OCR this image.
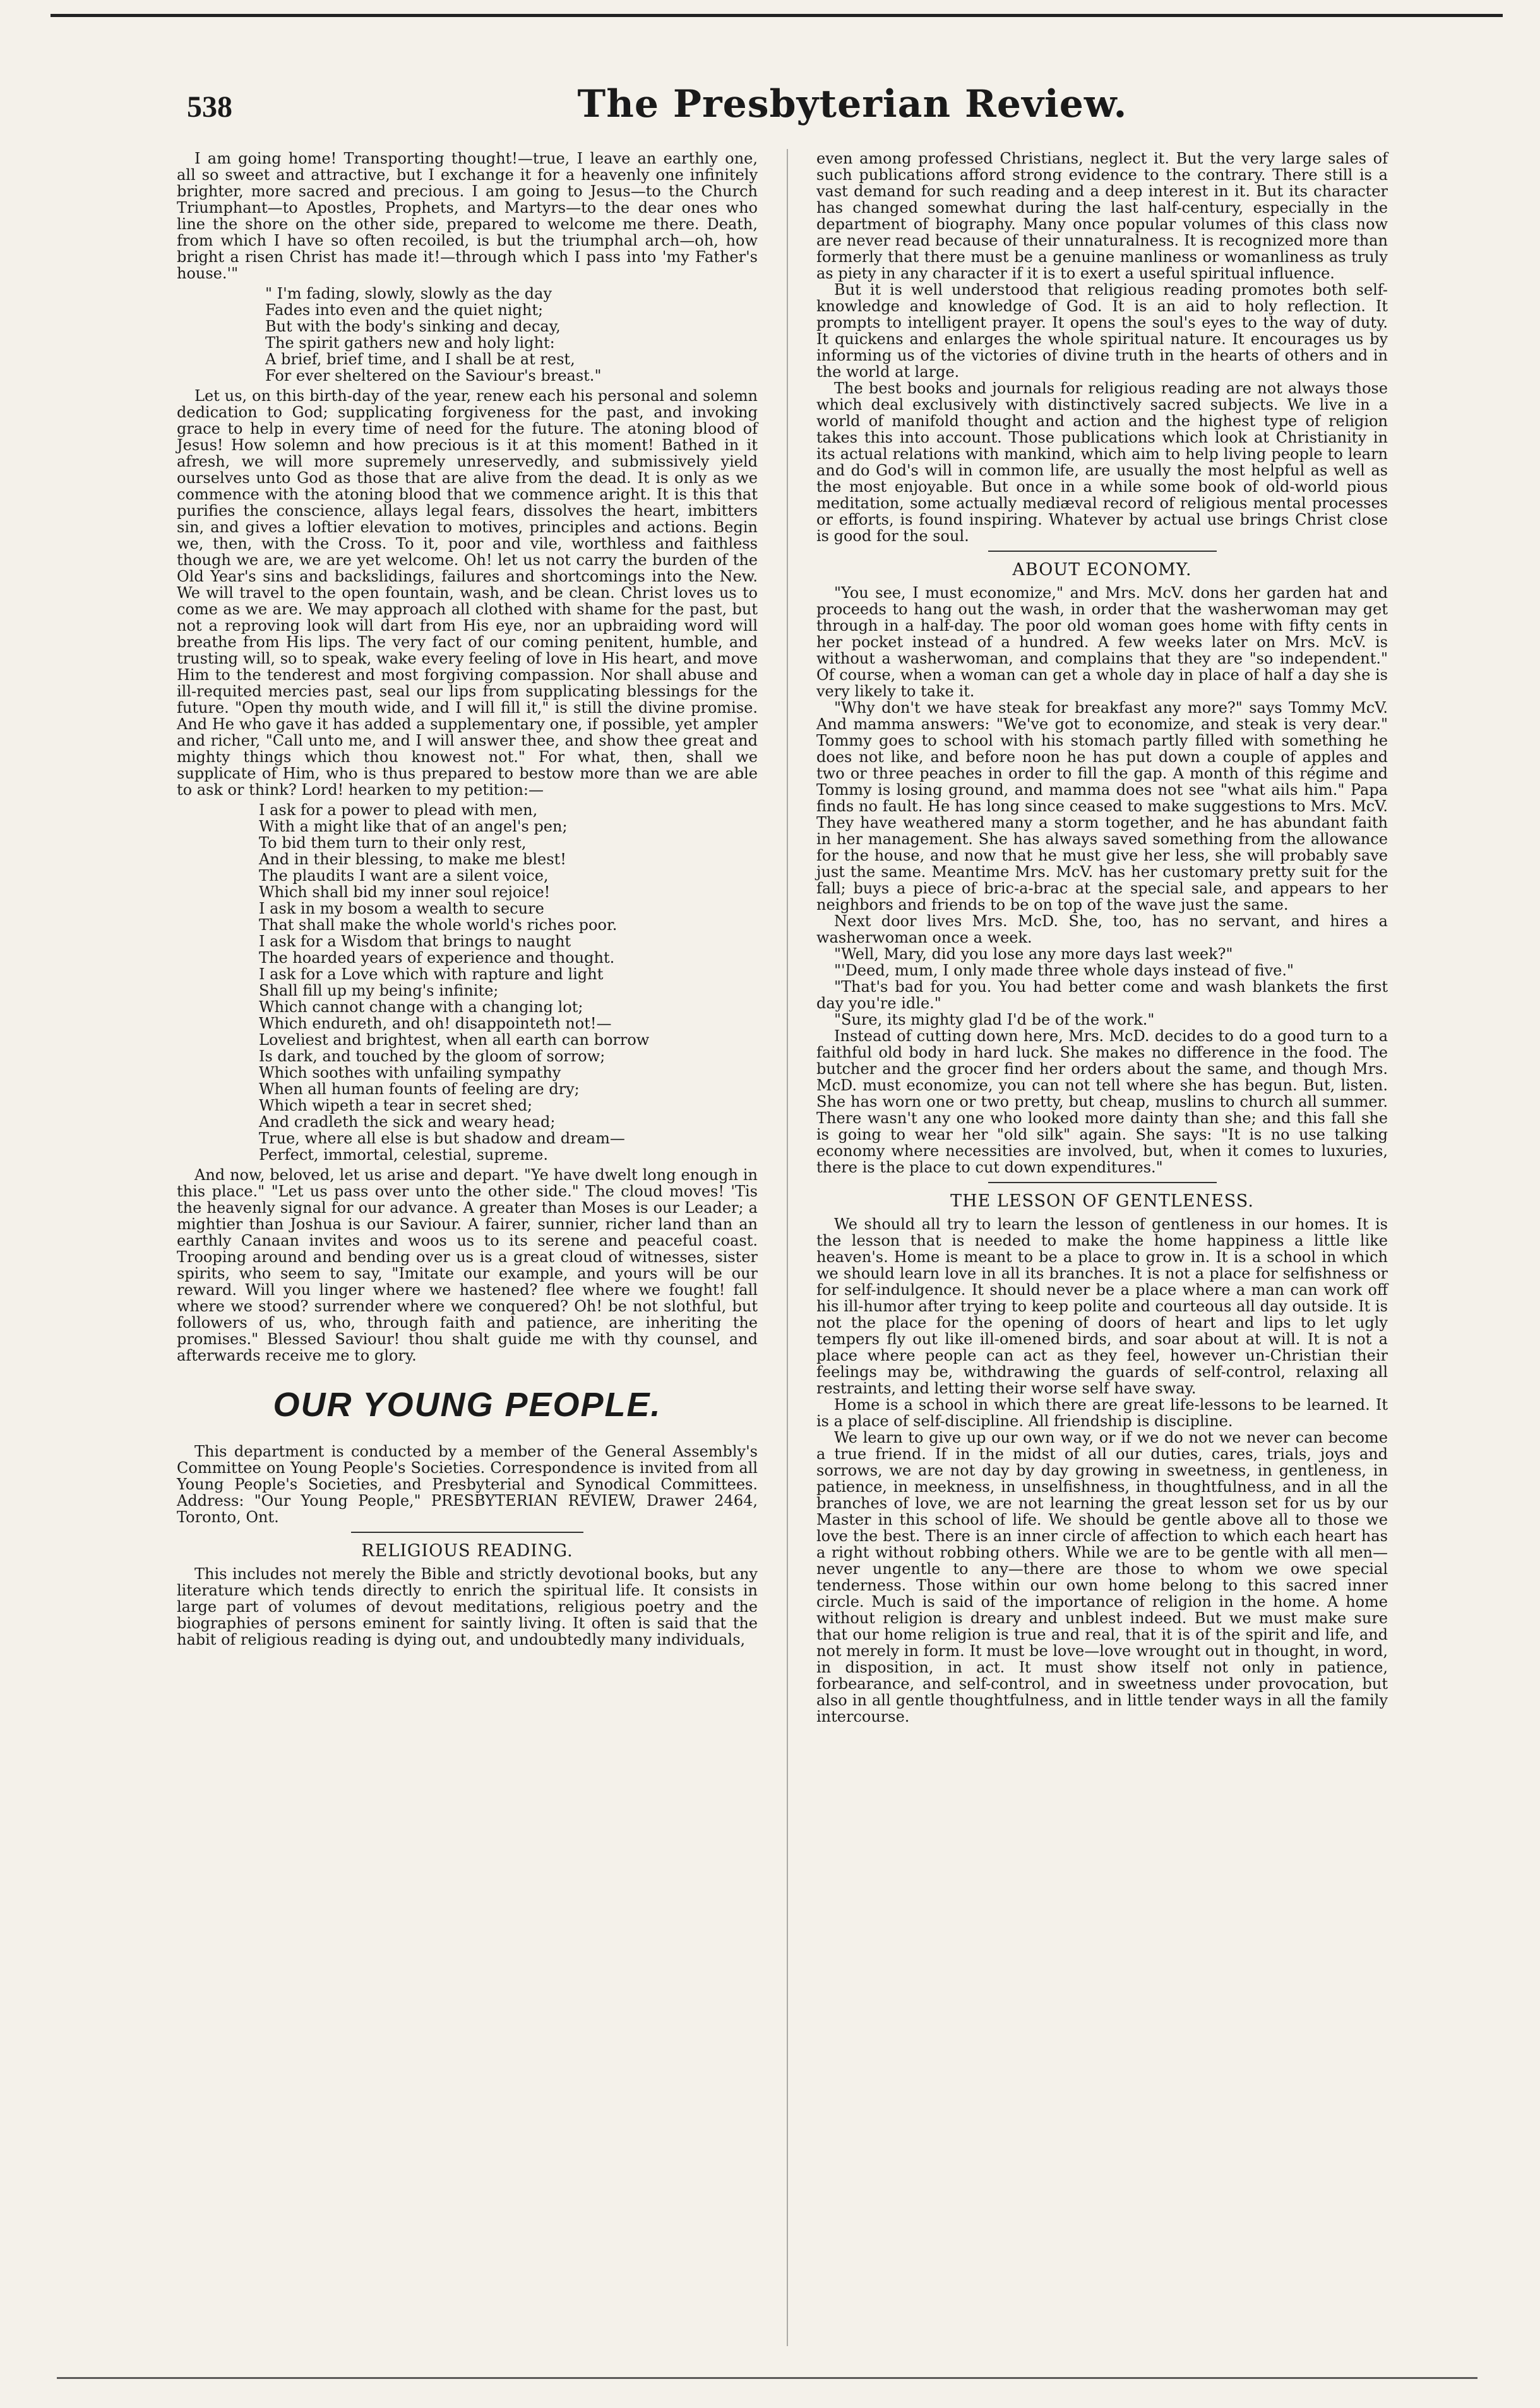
538	The Presbyterian Review.

I am going home! Transporting thought!—true, I leave an earthly one, all so sweet and attractive, but I exchange it for a heavenly one infinitely brighter, more sacred and precious. I am going to Jesus—to the Church Triumphant—to Apostles, Prophets, and Martyrs—to the dear ones who line the shore on the other side, prepared to welcome me there. Death, from which I have so often recoiled, is but the triumphal arch—oh, how bright a risen Christ has made it!—through which I pass into 'my Father's house.'"

" I'm fading, slowly, slowly as the day
Fades into even and the quiet night;
But with the body's sinking and decay,
The spirit gathers new and holy light:
A brief, brief time, and I shall be at rest,
For ever sheltered on the Saviour's breast."

Let us, on this birth-day of the year, renew each his personal and solemn dedication to God; supplicating forgiveness for the past, and invoking grace to help in every time of need for the future. The atoning blood of Jesus! How solemn and how precious is it at this moment! Bathed in it afresh, we will more supremely unreservedly, and submissively yield ourselves unto God as those that are alive from the dead. It is only as we commence with the atoning blood that we commence aright. It is this that purifies the conscience, allays legal fears, dissolves the heart, imbitters sin, and gives a loftier elevation to motives, principles and actions. Begin we, then, with the Cross. To it, poor and vile, worthless and faithless though we are, we are yet welcome. Oh! let us not carry the burden of the Old Year's sins and backslidings, failures and shortcomings into the New. We will travel to the open fountain, wash, and be clean. Christ loves us to come as we are. We may approach all clothed with shame for the past, but not a reproving look will dart from His eye, nor an upbraiding word will breathe from His lips. The very fact of our coming penitent, humble, and trusting will, so to speak, wake every feeling of love in His heart, and move Him to the tenderest and most forgiving compassion. Nor shall abuse and ill-requited mercies past, seal our lips from supplicating blessings for the future. "Open thy mouth wide, and I will fill it," is still the divine promise. And He who gave it has added a supplementary one, if possible, yet ampler and richer, "Call unto me, and I will answer thee, and show thee great and mighty things which thou knowest not." For what, then, shall we supplicate of Him, who is thus prepared to bestow more than we are able to ask or think? Lord! hearken to my petition:—

I ask for a power to plead with men,
With a might like that of an angel's pen;
To bid them turn to their only rest,
And in their blessing, to make me blest!
The plaudits I want are a silent voice,
Which shall bid my inner soul rejoice!
I ask in my bosom a wealth to secure
That shall make the whole world's riches poor.
I ask for a Wisdom that brings to naught
The hoarded years of experience and thought.
I ask for a Love which with rapture and light
Shall fill up my being's infinite;
Which cannot change with a changing lot;
Which endureth, and oh! disappointeth not!—
Loveliest and brightest, when all earth can borrow
Is dark, and touched by the gloom of sorrow;
Which soothes with unfailing sympathy
When all human founts of feeling are dry;
Which wipeth a tear in secret shed;
And cradleth the sick and weary head;
True, where all else is but shadow and dream—
Perfect, immortal, celestial, supreme.

And now, beloved, let us arise and depart. "Ye have dwelt long enough in this place." "Let us pass over unto the other side." The cloud moves! 'Tis the heavenly signal for our advance. A greater than Moses is our Leader; a mightier than Joshua is our Saviour. A fairer, sunnier, richer land than an earthly Canaan invites and woos us to its serene and peaceful coast. Trooping around and bending over us is a great cloud of witnesses, sister spirits, who seem to say, "Imitate our example, and yours will be our reward. Will you linger where we hastened? flee where we fought! fall where we stood? surrender where we conquered? Oh! be not slothful, but followers of us, who, through faith and patience, are inheriting the promises." Blessed Saviour! thou shalt guide me with thy counsel, and afterwards receive me to glory.

OUR YOUNG PEOPLE.

This department is conducted by a member of the General Assembly's Committee on Young People's Societies. Correspondence is invited from all Young People's Societies, and Presbyterial and Synodical Committees. Address: "Our Young People," PRESBYTERIAN REVIEW, Drawer 2464, Toronto, Ont.

RELIGIOUS READING.

This includes not merely the Bible and strictly devotional books, but any literature which tends directly to enrich the spiritual life. It consists in large part of volumes of devout meditations, religious poetry and the biographies of persons eminent for saintly living. It often is said that the habit of religious reading is dying out, and undoubtedly many individuals,

even among professed Christians, neglect it. But the very large sales of such publications afford strong evidence to the contrary. There still is a vast demand for such reading and a deep interest in it. But its character has changed somewhat during the last half-century, especially in the department of biography. Many once popular volumes of this class now are never read because of their unnaturalness. It is recognized more than formerly that there must be a genuine manliness or womanliness as truly as piety in any character if it is to exert a useful spiritual influence.

But it is well understood that religious reading promotes both self-knowledge and knowledge of God. It is an aid to holy reflection. It prompts to intelligent prayer. It opens the soul's eyes to the way of duty. It quickens and enlarges the whole spiritual nature. It encourages us by informing us of the victories of divine truth in the hearts of others and in the world at large.

The best books and journals for religious reading are not always those which deal exclusively with distinctively sacred subjects. We live in a world of manifold thought and action and the highest type of religion takes this into account. Those publications which look at Christianity in its actual relations with mankind, which aim to help living people to learn and do God's will in common life, are usually the most helpful as well as the most enjoyable. But once in a while some book of old-world pious meditation, some actually mediæval record of religious mental processes or efforts, is found inspiring. Whatever by actual use brings Christ close is good for the soul.

ABOUT ECONOMY.

"You see, I must economize," and Mrs. McV. dons her garden hat and proceeds to hang out the wash, in order that the washerwoman may get through in a half-day. The poor old woman goes home with fifty cents in her pocket instead of a hundred. A few weeks later on Mrs. McV. is without a washerwoman, and complains that they are "so independent." Of course, when a woman can get a whole day in place of half a day she is very likely to take it.

"Why don't we have steak for breakfast any more?" says Tommy McV. And mamma answers: "We've got to economize, and steak is very dear." Tommy goes to school with his stomach partly filled with something he does not like, and before noon he has put down a couple of apples and two or three peaches in order to fill the gap. A month of this régime and Tommy is losing ground, and mamma does not see "what ails him." Papa finds no fault. He has long since ceased to make suggestions to Mrs. McV. They have weathered many a storm together, and he has abundant faith in her management. She has always saved something from the allowance for the house, and now that he must give her less, she will probably save just the same. Meantime Mrs. McV. has her customary pretty suit for the fall; buys a piece of bric-a-brac at the special sale, and appears to her neighbors and friends to be on top of the wave just the same.

Next door lives Mrs. McD. She, too, has no servant, and hires a washerwoman once a week.

"Well, Mary, did you lose any more days last week?"

"'Deed, mum, I only made three whole days instead of five."

"That's bad for you. You had better come and wash blankets the first day you're idle."

"Sure, its mighty glad I'd be of the work."

Instead of cutting down here, Mrs. McD. decides to do a good turn to a faithful old body in hard luck. She makes no difference in the food. The butcher and the grocer find her orders about the same, and though Mrs. McD. must economize, you can not tell where she has begun. But, listen. She has worn one or two pretty, but cheap, muslins to church all summer. There wasn't any one who looked more dainty than she; and this fall she is going to wear her "old silk" again. She says: "It is no use talking economy where necessities are involved, but, when it comes to luxuries, there is the place to cut down expenditures."

THE LESSON OF GENTLENESS.

We should all try to learn the lesson of gentleness in our homes. It is the lesson that is needed to make the home happiness a little like heaven's. Home is meant to be a place to grow in. It is a school in which we should learn love in all its branches. It is not a place for selfishness or for self-indulgence. It should never be a place where a man can work off his ill-humor after trying to keep polite and courteous all day outside. It is not the place for the opening of doors of heart and lips to let ugly tempers fly out like ill-omened birds, and soar about at will. It is not a place where people can act as they feel, however un-Christian their feelings may be, withdrawing the guards of self-control, relaxing all restraints, and letting their worse self have sway.

Home is a school in which there are great life-lessons to be learned. It is a place of self-discipline. All friendship is discipline.

We learn to give up our own way, or if we do not we never can become a true friend. If in the midst of all our duties, cares, trials, joys and sorrows, we are not day by day growing in sweetness, in gentleness, in patience, in meekness, in unselfishness, in thoughtfulness, and in all the branches of love, we are not learning the great lesson set for us by our Master in this school of life. We should be gentle above all to those we love the best. There is an inner circle of affection to which each heart has a right without robbing others. While we are to be gentle with all men—never ungentle to any—there are those to whom we owe special tenderness. Those within our own home belong to this sacred inner circle. Much is said of the importance of religion in the home. A home without religion is dreary and unblest indeed. But we must make sure that our home religion is true and real, that it is of the spirit and life, and not merely in form. It must be love—love wrought out in thought, in word, in disposition, in act. It must show itself not only in patience, forbearance, and self-control, and in sweetness under provocation, but also in all gentle thoughtfulness, and in little tender ways in all the family intercourse.
